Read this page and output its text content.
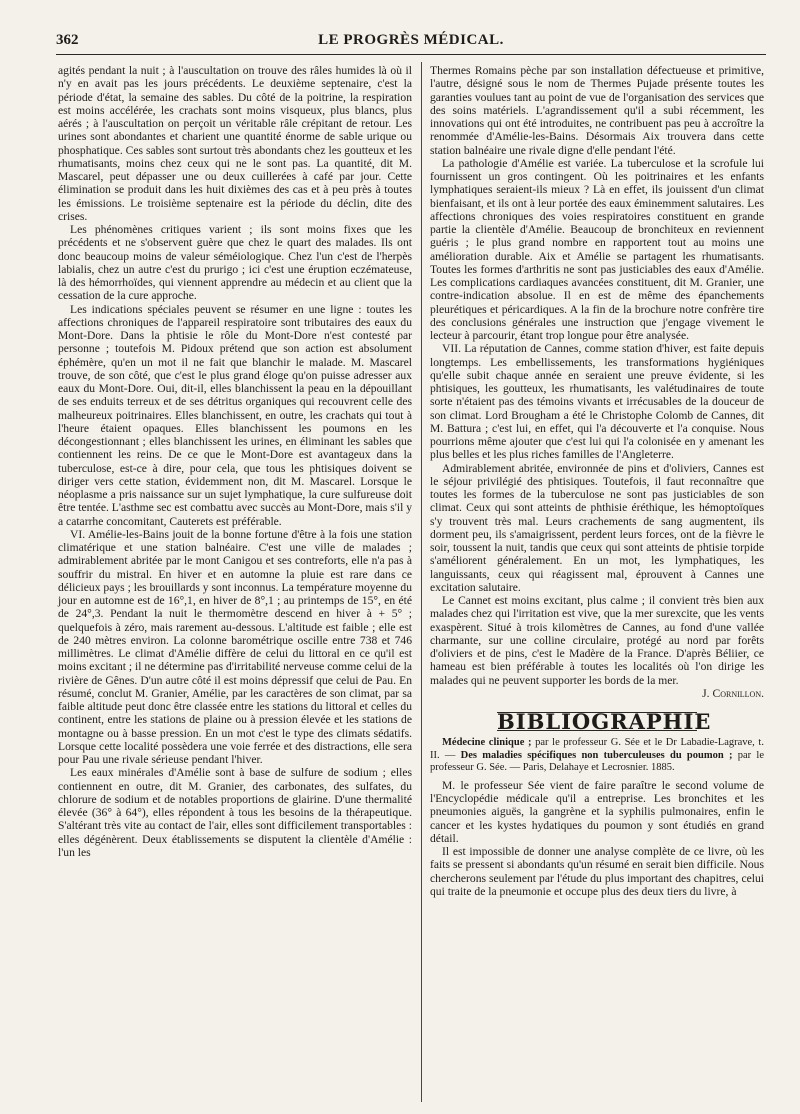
362	LE PROGRÈS MÉDICAL.

agités pendant la nuit ; à l'auscultation on trouve des râles humides là où il n'y en avait pas les jours précédents. Le deuxième septenaire, c'est la période d'état, la semaine des sables. Du côté de la poitrine, la respiration est moins accélérée, les crachats sont moins visqueux, plus blancs, plus aérés ; à l'auscultation on perçoit un véritable râle crépitant de retour. Les urines sont abondantes et charient une quantité énorme de sable urique ou phosphatique. Ces sables sont surtout très abondants chez les goutteux et les rhumatisants, moins chez ceux qui ne le sont pas. La quantité, dit M. Mascarel, peut dépasser une ou deux cuillerées à café par jour. Cette élimination se produit dans les huit dixièmes des cas et à peu près à toutes les émissions. Le troisième septenaire est la période du déclin, dite des crises.

Les phénomènes critiques varient ; ils sont moins fixes que les précédents et ne s'observent guère que chez le quart des malades. Ils ont donc beaucoup moins de valeur séméiologique. Chez l'un c'est de l'herpès labialis, chez un autre c'est du prurigo ; ici c'est une éruption eczémateuse, là des hémorrhoïdes, qui viennent apprendre au médecin et au client que la cessation de la cure approche.

Les indications spéciales peuvent se résumer en une ligne : toutes les affections chroniques de l'appareil respiratoire sont tributaires des eaux du Mont-Dore. Dans la phtisie le rôle du Mont-Dore n'est contesté par personne ; toutefois M. Pidoux prétend que son action est absolument éphémère, qu'en un mot il ne fait que blanchir le malade. M. Mascarel trouve, de son côté, que c'est le plus grand éloge qu'on puisse adresser aux eaux du Mont-Dore. Oui, dit-il, elles blanchissent la peau en la dépouillant de ses enduits terreux et de ses détritus organiques qui recouvrent celle des malheureux poitrinaires. Elles blanchissent, en outre, les crachats qui tout à l'heure étaient opaques. Elles blanchissent les poumons en les décongestionnant ; elles blanchissent les urines, en éliminant les sables que contiennent les reins. De ce que le Mont-Dore est avantageux dans la tuberculose, est-ce à dire, pour cela, que tous les phtisiques doivent se diriger vers cette station, évidemment non, dit M. Mascarel. Lorsque le néoplasme a pris naissance sur un sujet lymphatique, la cure sulfureuse doit être tentée. L'asthme sec est combattu avec succès au Mont-Dore, mais s'il y a catarrhe concomitant, Cauterets est préférable.

VI. Amélie-les-Bains jouit de la bonne fortune d'être à la fois une station climatérique et une station balnéaire. C'est une ville de malades ; admirablement abritée par le mont Canigou et ses contreforts, elle n'a pas à souffrir du mistral. En hiver et en automne la pluie est rare dans ce délicieux pays ; les brouillards y sont inconnus. La température moyenne du jour en automne est de 16°,1, en hiver de 8°,1 ; au printemps de 15°, en été de 24°,3. Pendant la nuit le thermomètre descend en hiver à + 5° ; quelquefois à zéro, mais rarement au-dessous. L'altitude est faible ; elle est de 240 mètres environ. La colonne barométrique oscille entre 738 et 746 millimètres. Le climat d'Amélie diffère de celui du littoral en ce qu'il est moins excitant ; il ne détermine pas d'irritabilité nerveuse comme celui de la rivière de Gênes. D'un autre côté il est moins dépressif que celui de Pau. En résumé, conclut M. Granier, Amélie, par les caractères de son climat, par sa faible altitude peut donc être classée entre les stations du littoral et celles du continent, entre les stations de plaine ou à pression élevée et les stations de montagne ou à basse pression. En un mot c'est le type des climats sédatifs. Lorsque cette localité possèdera une voie ferrée et des distractions, elle sera pour Pau une rivale sérieuse pendant l'hiver.

Les eaux minérales d'Amélie sont à base de sulfure de sodium ; elles contiennent en outre, dit M. Granier, des carbonates, des sulfates, du chlorure de sodium et de notables proportions de glairine. D'une thermalité élevée (36° à 64°), elles répondent à tous les besoins de la thérapeutique. S'altérant très vite au contact de l'air, elles sont difficilement transportables : elles dégénèrent. Deux établissements se disputent la clientèle d'Amélie : l'un les

Thermes Romains pèche par son installation défectueuse et primitive, l'autre, désigné sous le nom de Thermes Pujade présente toutes les garanties voulues tant au point de vue de l'organisation des services que des soins matériels. L'agrandissement qu'il a subi récemment, les innovations qui ont été introduites, ne contribuent pas peu à accroître la renommée d'Amélie-les-Bains. Désormais Aix trouvera dans cette station balnéaire une rivale digne d'elle pendant l'été.

La pathologie d'Amélie est variée. La tuberculose et la scrofule lui fournissent un gros contingent. Où les poitrinaires et les enfants lymphatiques seraient-ils mieux ? Là en effet, ils jouissent d'un climat bienfaisant, et ils ont à leur portée des eaux éminemment salutaires. Les affections chroniques des voies respiratoires constituent en grande partie la clientèle d'Amélie. Beaucoup de bronchiteux en reviennent guéris ; le plus grand nombre en rapportent tout au moins une amélioration durable. Aix et Amélie se partagent les rhumatisants. Toutes les formes d'arthritis ne sont pas justiciables des eaux d'Amélie. Les complications cardiaques avancées constituent, dit M. Granier, une contre-indication absolue. Il en est de même des épanchements pleurétiques et péricardiques. A la fin de la brochure notre confrère tire des conclusions générales une instruction que j'engage vivement le lecteur à parcourir, étant trop longue pour être analysée.

VII. La réputation de Cannes, comme station d'hiver, est faite depuis longtemps. Les embellissements, les transformations hygiéniques qu'elle subit chaque année en seraient une preuve évidente, si les phtisiques, les goutteux, les rhumatisants, les valétudinaires de toute sorte n'étaient pas des témoins vivants et irrécusables de la douceur de son climat. Lord Brougham a été le Christophe Colomb de Cannes, dit M. Battura ; c'est lui, en effet, qui l'a découverte et l'a conquise. Nous pourrions même ajouter que c'est lui qui l'a colonisée en y amenant les plus belles et les plus riches familles de l'Angleterre.

Admirablement abritée, environnée de pins et d'oliviers, Cannes est le séjour privilégié des phtisiques. Toutefois, il faut reconnaître que toutes les formes de la tuberculose ne sont pas justiciables de son climat. Ceux qui sont atteints de phthisie éréthique, les hémoptoïques s'y trouvent très mal. Leurs crachements de sang augmentent, ils dorment peu, ils s'amaigrissent, perdent leurs forces, ont de la fièvre le soir, toussent la nuit, tandis que ceux qui sont atteints de phtisie torpide s'améliorent généralement. En un mot, les lymphatiques, les languissants, ceux qui réagissent mal, éprouvent à Cannes une excitation salutaire.

Le Cannet est moins excitant, plus calme ; il convient très bien aux malades chez qui l'irritation est vive, que la mer surexcite, que les vents exaspèrent. Situé à trois kilomètres de Cannes, au fond d'une vallée charmante, sur une colline circulaire, protégé au nord par forêts d'oliviers et de pins, c'est le Madère de la France. D'après Béliier, ce hameau est bien préférable à toutes les localités où l'on dirige les malades qui ne peuvent supporter les bords de la mer.

J. Cornillon.

BIBLIOGRAPHIE

Médecine clinique ; par le professeur G. Sée et le Dr Labadie-Lagrave, t. II. — Des maladies spécifiques non tuberculeuses du poumon ; par le professeur G. Sée. — Paris, Delahaye et Lecrosnier. 1885.

M. le professeur Sée vient de faire paraître le second volume de l'Encyclopédie médicale qu'il a entreprise. Les bronchites et les pneumonies aiguës, la gangrène et la syphilis pulmonaires, enfin le cancer et les kystes hydatiques du poumon y sont étudiés en grand détail.

Il est impossible de donner une analyse complète de ce livre, où les faits se pressent si abondants qu'un résumé en serait bien difficile. Nous chercherons seulement par l'étude du plus important des chapitres, celui qui traite de la pneumonie et occupe plus des deux tiers du livre, à
